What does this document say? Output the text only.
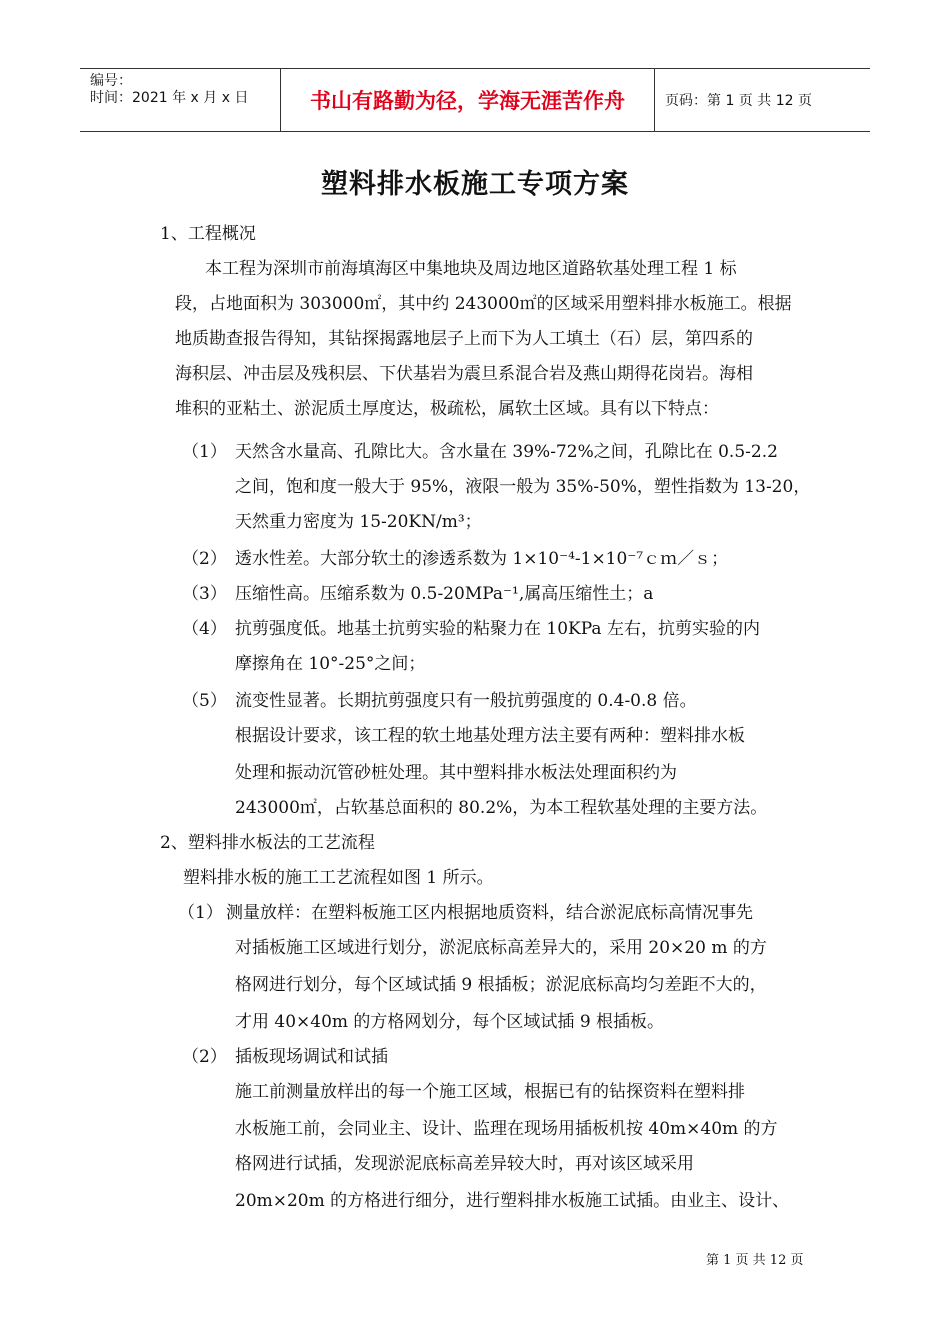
编号：
时间：2021 年 x 月 x 日	书山有路勤为径，学海无涯苦作舟	页码：第 1 页 共 12 页
塑料排水板施工专项方案
1、工程概况
本工程为深圳市前海填海区中集地块及周边地区道路软基处理工程 1 标
段，占地面积为 303000㎡，其中约 243000㎡的区域采用塑料排水板施工。根据
地质勘查报告得知，其钻探揭露地层子上而下为人工填土（石）层，第四系的
海积层、冲击层及残积层、下伏基岩为震旦系混合岩及燕山期得花岗岩。海相
堆积的亚粘土、淤泥质土厚度达，极疏松，属软土区域。具有以下特点：
（1） 天然含水量高、孔隙比大。含水量在 39%-72%之间，孔隙比在 0.5-2.2
之间，饱和度一般大于 95%，液限一般为 35%-50%，塑性指数为 13-20，
天然重力密度为 15-20KN/m³；
（2） 透水性差。大部分软土的渗透系数为 1×10⁻⁴-1×10⁻⁷ｃｍ／ｓ；
（3） 压缩性高。压缩系数为 0.5-20MPa⁻¹,属高压缩性土；a
（4） 抗剪强度低。地基土抗剪实验的粘聚力在 10KPa 左右，抗剪实验的内
摩擦角在 10°-25°之间；
（5） 流变性显著。长期抗剪强度只有一般抗剪强度的 0.4-0.8 倍。
根据设计要求，该工程的软土地基处理方法主要有两种：塑料排水板
处理和振动沉管砂桩处理。其中塑料排水板法处理面积约为
243000㎡，占软基总面积的 80.2%，为本工程软基处理的主要方法。
2、塑料排水板法的工艺流程
塑料排水板的施工工艺流程如图 1 所示。
（1） 测量放样：在塑料板施工区内根据地质资料，结合淤泥底标高情况事先
对插板施工区域进行划分，淤泥底标高差异大的，采用 20×20 m 的方
格网进行划分，每个区域试插 9 根插板；淤泥底标高均匀差距不大的，
才用 40×40m 的方格网划分，每个区域试插 9 根插板。
（2） 插板现场调试和试插
施工前测量放样出的每一个施工区域，根据已有的钻探资料在塑料排
水板施工前，会同业主、设计、监理在现场用插板机按 40m×40m 的方
格网进行试插，发现淤泥底标高差异较大时，再对该区域采用
20m×20m 的方格进行细分，进行塑料排水板施工试插。由业主、设计、
第 1 页 共 12 页
